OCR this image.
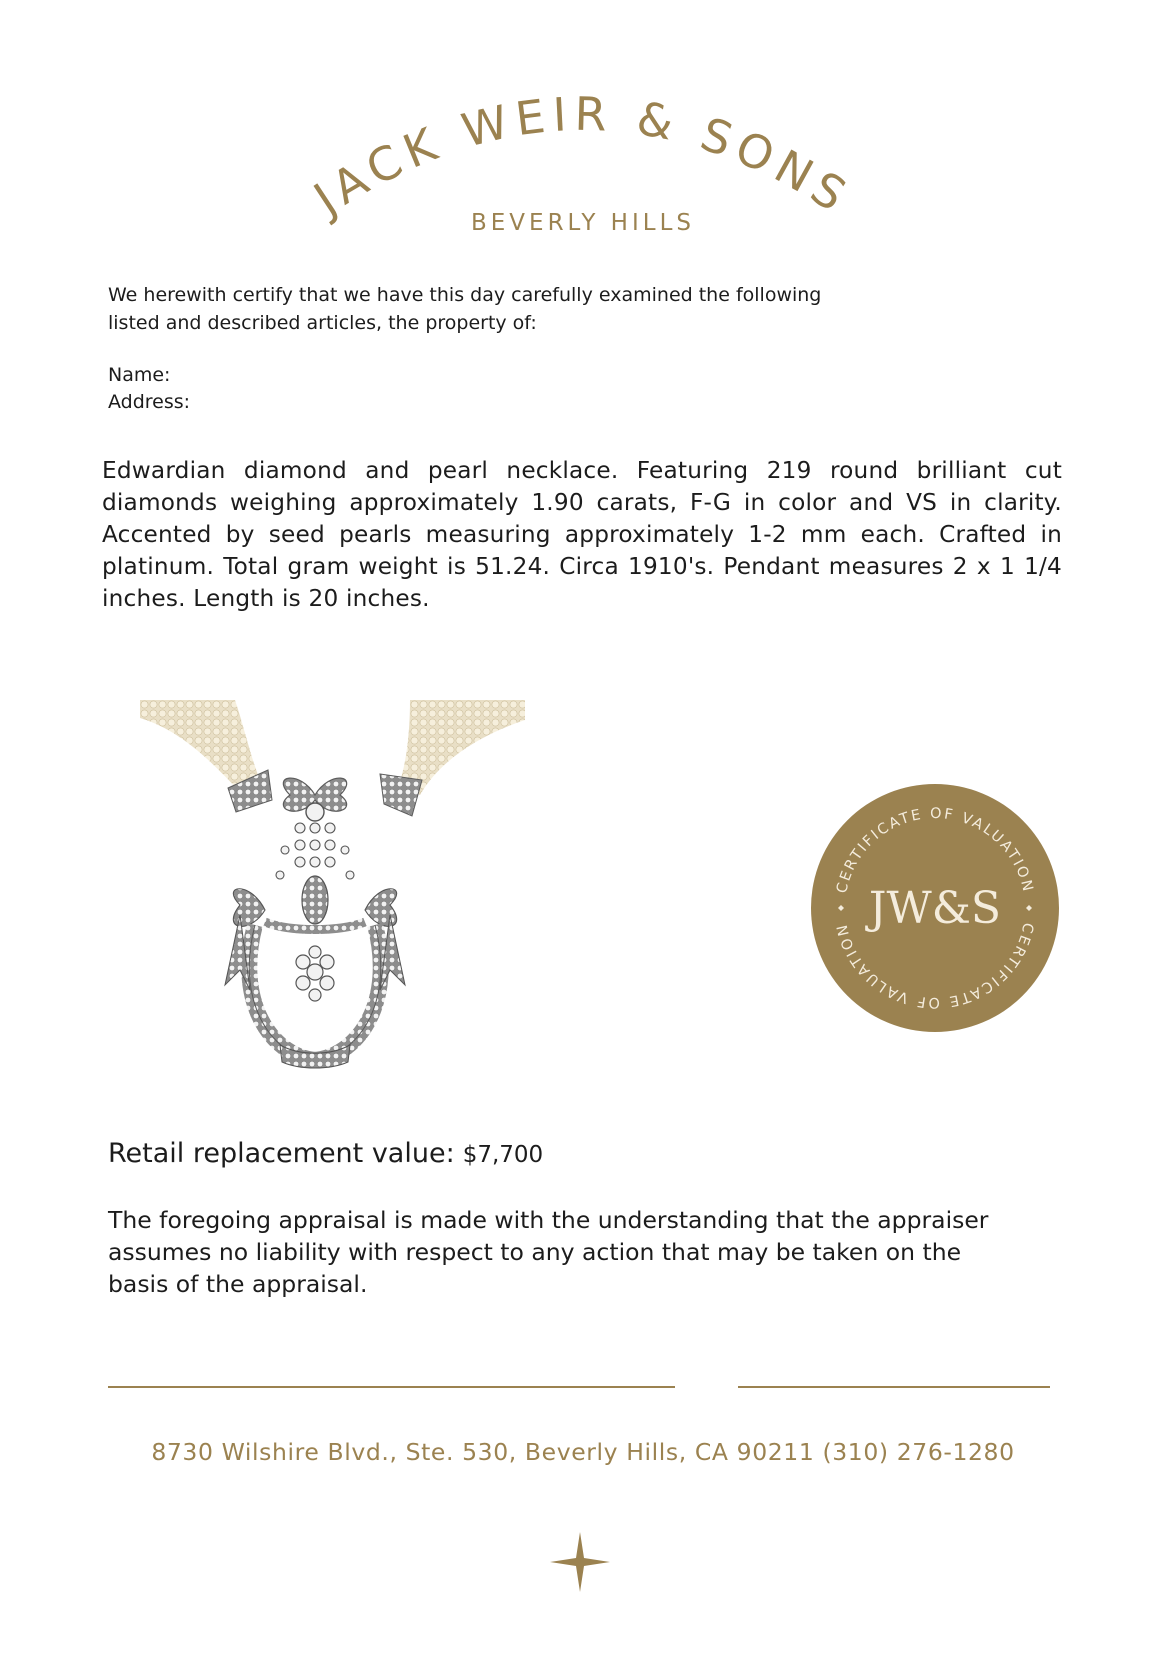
JACK WEIR & SONS
BEVERLY HILLS
We herewith certify that we have this day carefully examined the following listed and described articles, the property of:
Name:
Address:
Edwardian diamond and pearl necklace. Featuring 219 round brilliant cut diamonds weighing approximately 1.90 carats, F-G in color and VS in clarity. Accented by seed pearls measuring approximately 1-2 mm each. Crafted in platinum. Total gram weight is 51.24. Circa 1910's. Pendant measures 2 x 1 1/4 inches. Length is 20 inches.
CERTIFICATE OF VALUATION
CERTIFICATE OF VALUATION JW&S
Retail replacement value: $7,700
The foregoing appraisal is made with the understanding that the appraiser assumes no liability with respect to any action that may be taken on the basis of the appraisal.
8730 Wilshire Blvd., Ste. 530, Beverly Hills, CA 90211 (310) 276-1280
